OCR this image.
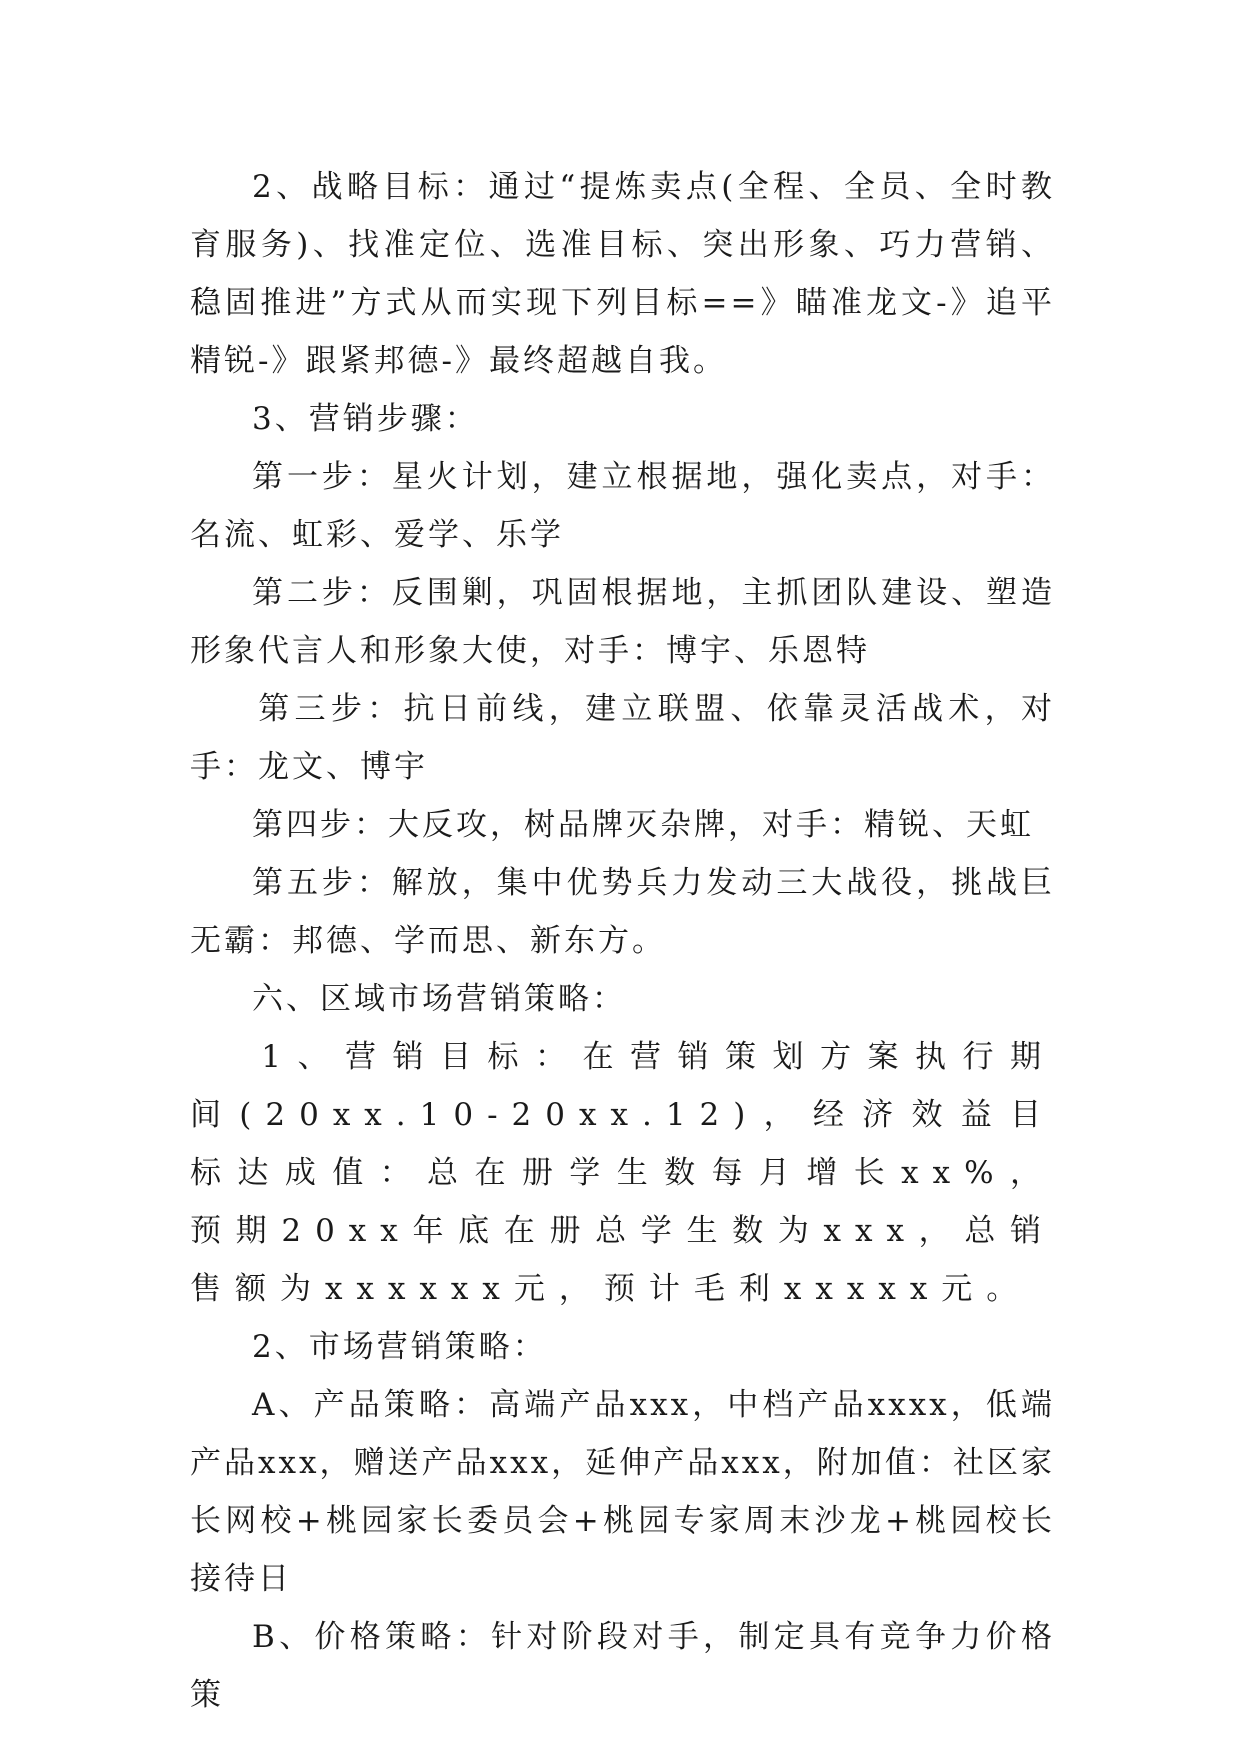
2、战略目标：通过“提炼卖点(全程、全员、全时教育服务)、找准定位、选准目标、突出形象、巧力营销、稳固推进”方式从而实现下列目标==》瞄准龙文-》追平精锐-》跟紧邦德-》最终超越自我。

3、营销步骤：

第一步：星火计划，建立根据地，强化卖点，对手：名流、虹彩、爱学、乐学

第二步：反围剿，巩固根据地，主抓团队建设、塑造形象代言人和形象大使，对手：博宇、乐恩特

第三步：抗日前线，建立联盟、依靠灵活战术，对手：龙文、博宇

第四步：大反攻，树品牌灭杂牌，对手：精锐、天虹

第五步：解放，集中优势兵力发动三大战役，挑战巨无霸：邦德、学而思、新东方。

六、区域市场营销策略：

1、营销目标：在营销策划方案执行期间(20xx.10-20xx.12)，经济效益目标达成值：总在册学生数每月增长xx%，预期20xx年底在册总学生数为xxx，总销售额为xxxxxx元，预计毛利xxxxx元。

2、市场营销策略：

A、产品策略：高端产品xxx，中档产品xxxx，低端产品xxx，赠送产品xxx，延伸产品xxx，附加值：社区家长网校+桃园家长委员会+桃园专家周末沙龙+桃园校长接待日

B、价格策略：针对阶段对手，制定具有竞争力价格策
